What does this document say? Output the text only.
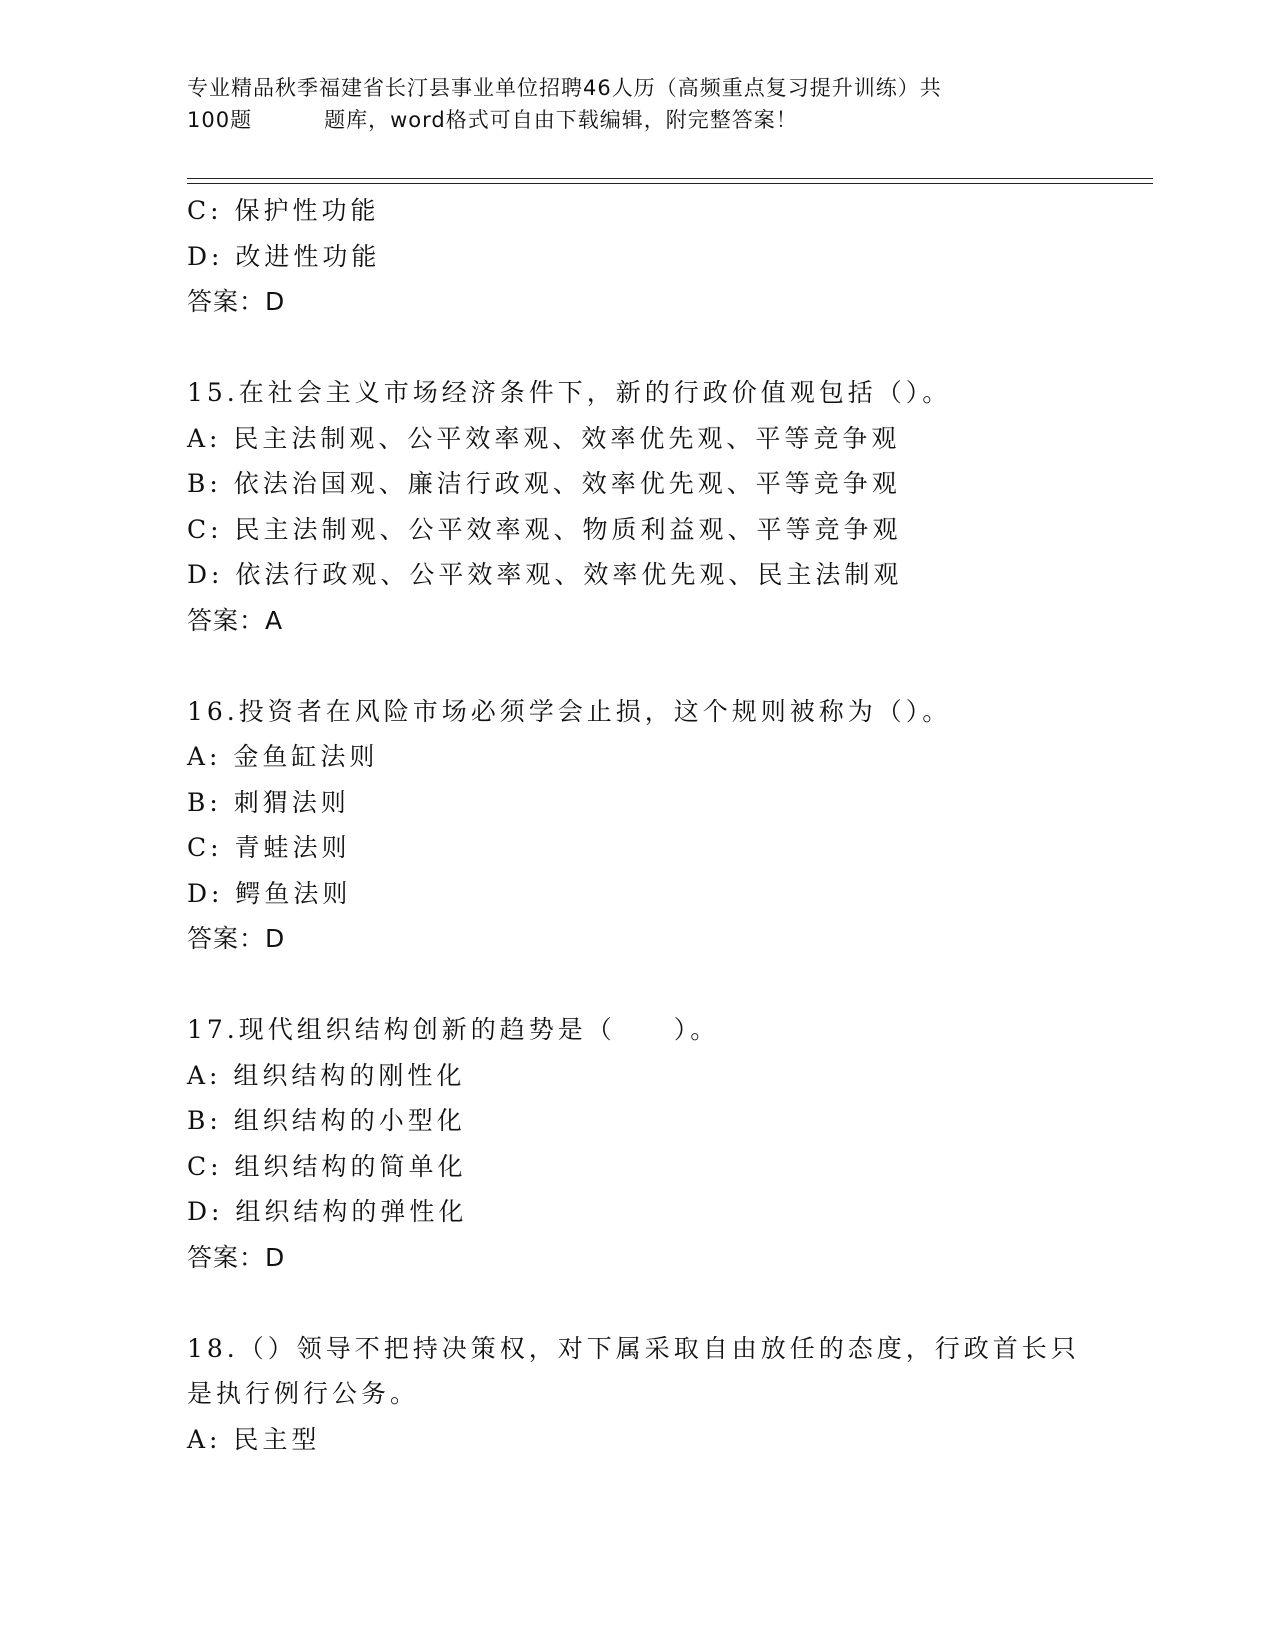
专业精品秋季福建省长汀县事业单位招聘46人历（高频重点复习提升训练）共
100题	题库，word格式可自由下载编辑，附完整答案！
C: 保护性功能
D: 改进性功能
答案：D
15.在社会主义市场经济条件下，新的行政价值观包括（）。
A: 民主法制观、公平效率观、效率优先观、平等竞争观
B: 依法治国观、廉洁行政观、效率优先观、平等竞争观
C: 民主法制观、公平效率观、物质利益观、平等竞争观
D: 依法行政观、公平效率观、效率优先观、民主法制观
答案：A
16.投资者在风险市场必须学会止损，这个规则被称为（）。
A: 金鱼缸法则
B: 刺猬法则
C: 青蛙法则
D: 鳄鱼法则
答案：D
17.现代组织结构创新的趋势是（　　）。
A: 组织结构的刚性化
B: 组织结构的小型化
C: 组织结构的简单化
D: 组织结构的弹性化
答案：D
18.（）领导不把持决策权，对下属采取自由放任的态度，行政首长只
是执行例行公务。
A: 民主型
